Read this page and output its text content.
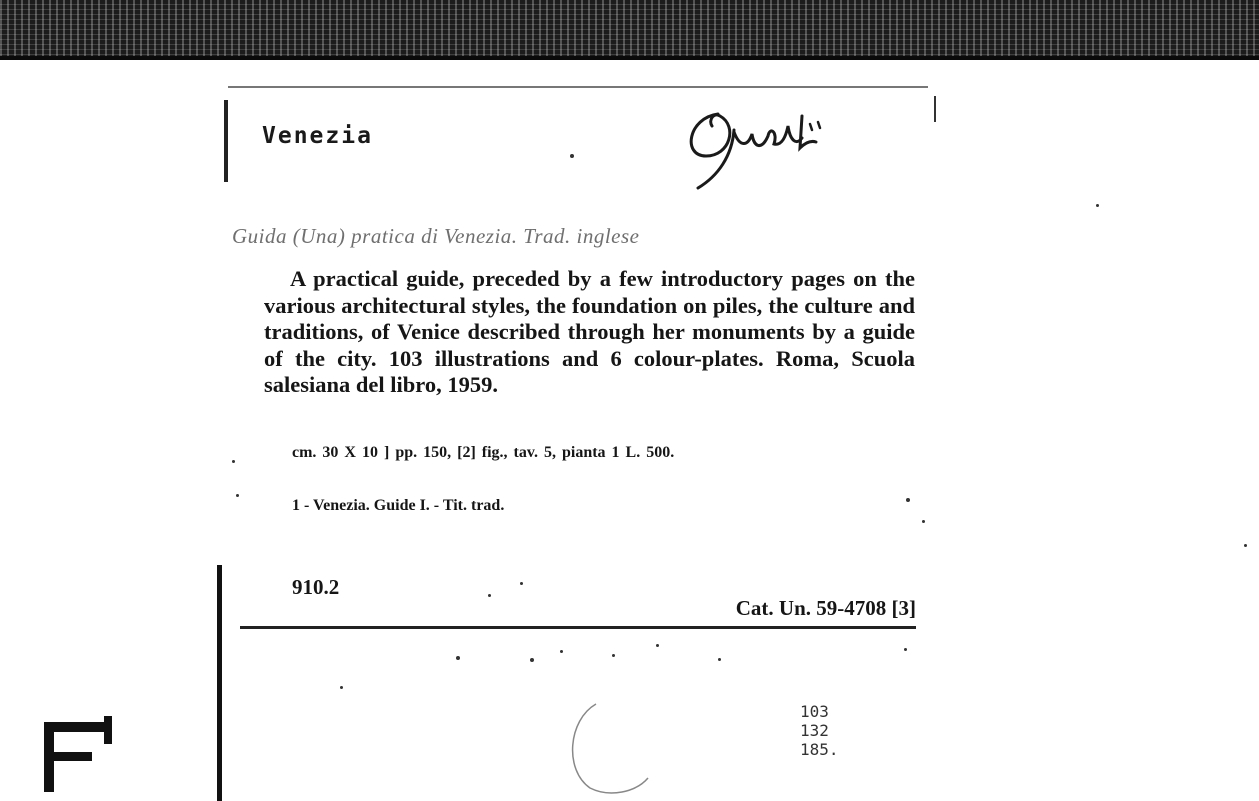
Venezia
Guida (Una) pratica di Venezia. Trad. inglese
A practical guide, preceded by a few introductory pages on the various architectural styles, the foundation on piles, the culture and traditions, of Venice described through her monuments by a guide of the city. 103 illustrations and 6 colour-plates. Roma, Scuola salesiana del libro, 1959.
cm. 30 X 10 ] pp. 150, [2] fig., tav. 5, pianta 1 L. 500.
1 - Venezia. Guide I. - Tit. trad.
910.2
Cat. Un. 59-4708 [3]
103
132
185.
